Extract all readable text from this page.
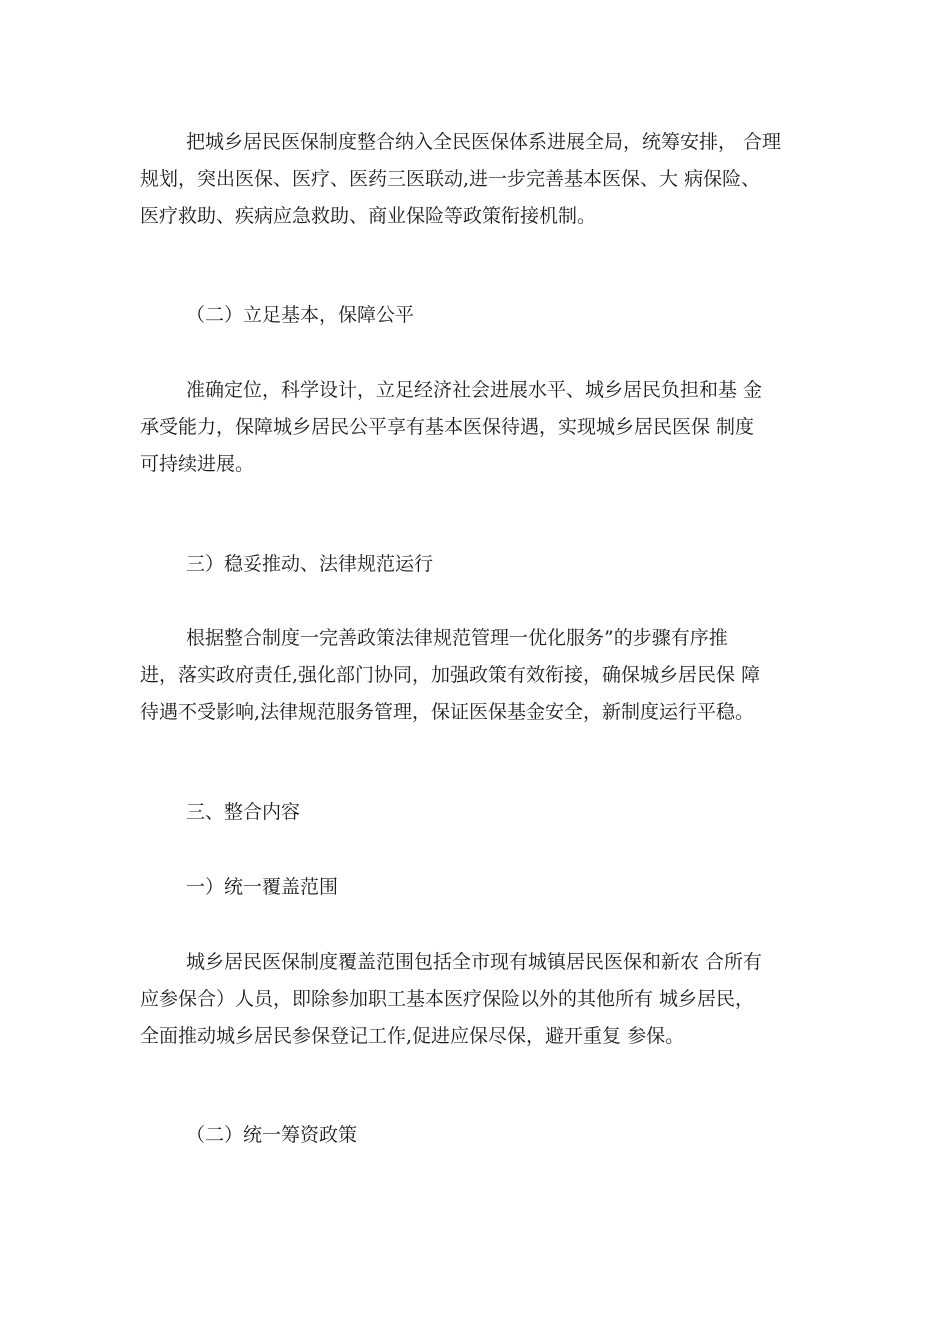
把城乡居民医保制度整合纳入全民医保体系进展全局，统筹安排， 合理
规划，突出医保、医疗、医药三医联动,进一步完善基本医保、大 病保险、
医疗救助、疾病应急救助、商业保险等政策衔接机制。
（二）立足基本，保障公平
准确定位，科学设计，立足经济社会进展水平、城乡居民负担和基 金
承受能力，保障城乡居民公平享有基本医保待遇，实现城乡居民医保 制度
可持续进展。
三）稳妥推动、法律规范运行
根据整合制度一完善政策法律规范管理一优化服务”的步骤有序推
进，落实政府责任,强化部门协同，加强政策有效衔接，确保城乡居民保 障
待遇不受影响,法律规范服务管理，保证医保基金安全，新制度运行平稳。
三、整合内容
一）统一覆盖范围
城乡居民医保制度覆盖范围包括全市现有城镇居民医保和新农 合所有
应参保合）人员，即除参加职工基本医疗保险以外的其他所有 城乡居民，
全面推动城乡居民参保登记工作,促进应保尽保，避开重复 参保。
（二）统一筹资政策
